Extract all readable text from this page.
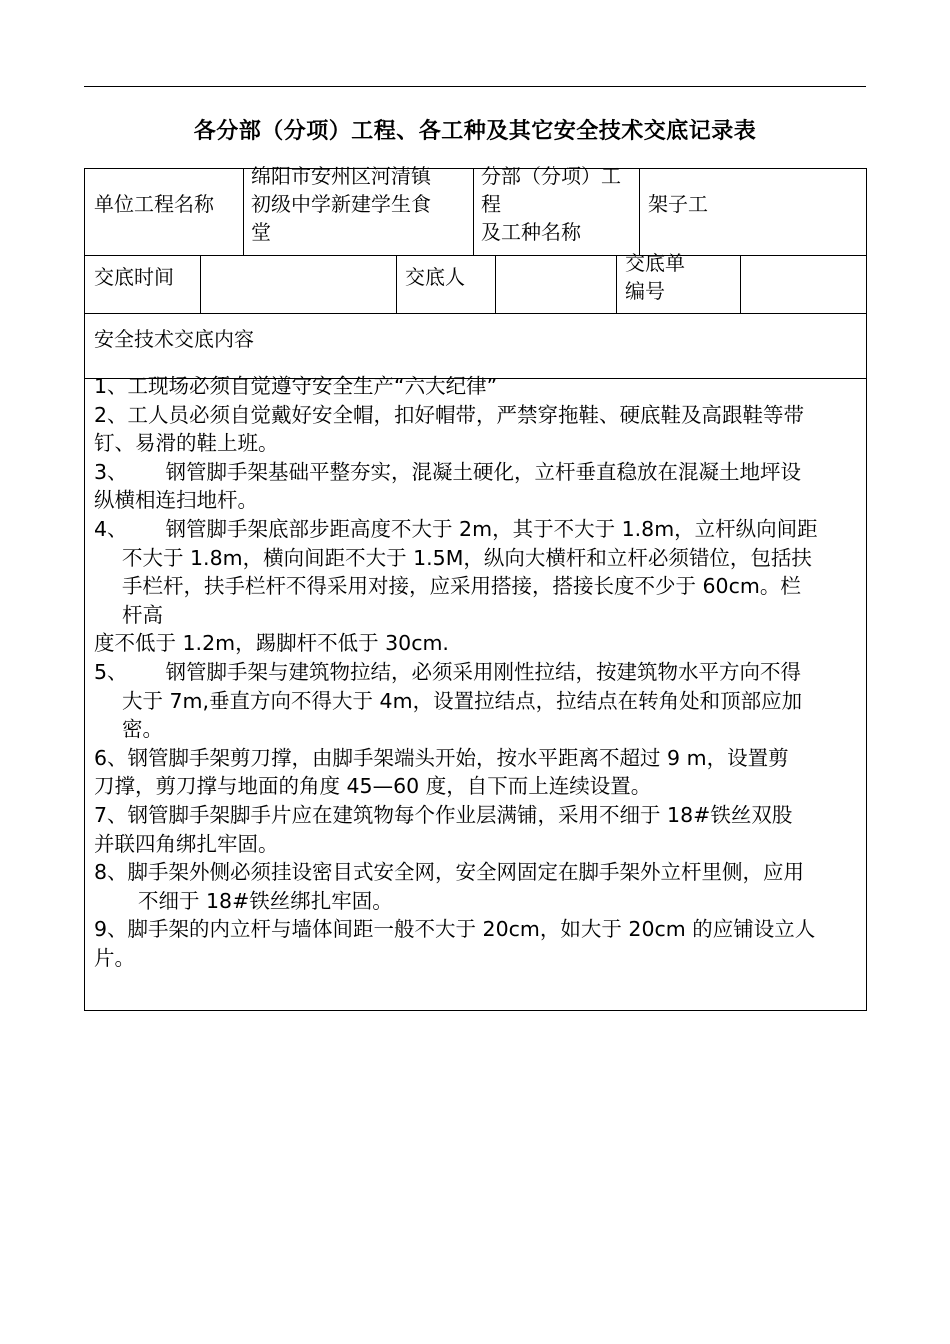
各分部（分项）工程、各工种及其它安全技术交底记录表
单位工程名称
绵阳市安州区河清镇
初级中学新建学生食
堂
分部（分项）工
程
及工种名称
架子工
交底时间	交底人
交底单
编号
安全技术交底内容

1、工现场必须自觉遵守安全生产“六大纪律”

2、工人员必须自觉戴好安全帽，扣好帽带，严禁穿拖鞋、硬底鞋及高跟鞋等带

钉、易滑的鞋上班。

3、 钢管脚手架基础平整夯实，混凝土硬化，立杆垂直稳放在混凝土地坪设

纵横相连扫地杆。

4、 钢管脚手架底部步距高度不大于 2m，其于不大于 1.8m，立杆纵向间距

不大于 1.8m，横向间距不大于 1.5M，纵向大横杆和立杆必须错位，包括扶

手栏杆，扶手栏杆不得采用对接，应采用搭接，搭接长度不少于 60cm。栏

杆高

度不低于 1.2m，踢脚杆不低于 30cm.

5、 钢管脚手架与建筑物拉结，必须采用刚性拉结，按建筑物水平方向不得

大于 7m,垂直方向不得大于 4m，设置拉结点，拉结点在转角处和顶部应加

密。

6、钢管脚手架剪刀撑，由脚手架端头开始，按水平距离不超过 9 m，设置剪

刀撑，剪刀撑与地面的角度 45—60 度，自下而上连续设置。

7、钢管脚手架脚手片应在建筑物每个作业层满铺，采用不细于 18#铁丝双股

并联四角绑扎牢固。

8、脚手架外侧必须挂设密目式安全网，安全网固定在脚手架外立杆里侧，应用

不细于 18#铁丝绑扎牢固。

9、脚手架的内立杆与墙体间距一般不大于 20cm，如大于 20cm 的应铺设立人

片。
